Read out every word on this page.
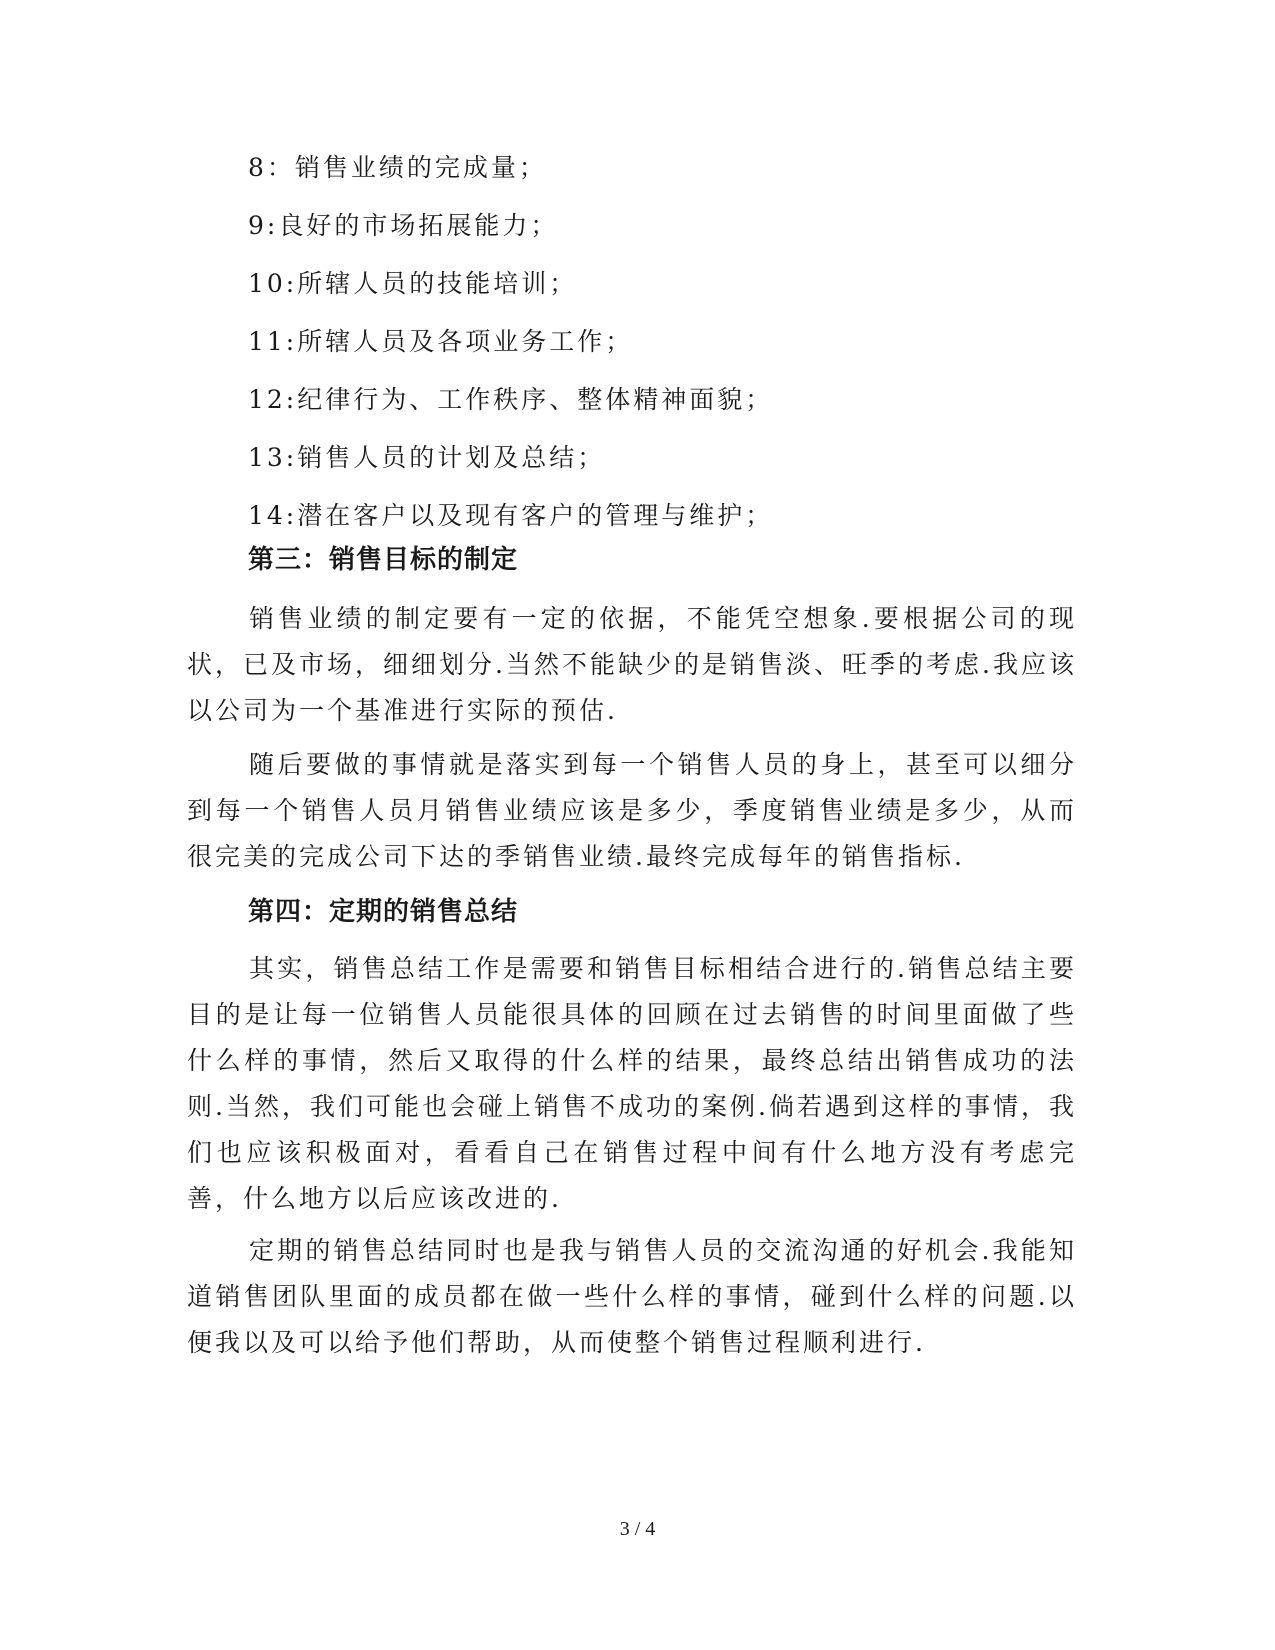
8：销售业绩的完成量；
9:良好的市场拓展能力；
10:所辖人员的技能培训；
11:所辖人员及各项业务工作；
12:纪律行为、工作秩序、整体精神面貌；
13:销售人员的计划及总结；
14:潜在客户以及现有客户的管理与维护；
第三：销售目标的制定

销售业绩的制定要有一定的依据，不能凭空想象.要根据公司的现状，已及市场，细细划分.当然不能缺少的是销售淡、旺季的考虑.我应该以公司为一个基准进行实际的预估.

随后要做的事情就是落实到每一个销售人员的身上，甚至可以细分到每一个销售人员月销售业绩应该是多少，季度销售业绩是多少，从而很完美的完成公司下达的季销售业绩.最终完成每年的销售指标.

第四：定期的销售总结

其实，销售总结工作是需要和销售目标相结合进行的.销售总结主要目的是让每一位销售人员能很具体的回顾在过去销售的时间里面做了些什么样的事情，然后又取得的什么样的结果，最终总结出销售成功的法则.当然，我们可能也会碰上销售不成功的案例.倘若遇到这样的事情，我们也应该积极面对，看看自己在销售过程中间有什么地方没有考虑完善，什么地方以后应该改进的.

定期的销售总结同时也是我与销售人员的交流沟通的好机会.我能知道销售团队里面的成员都在做一些什么样的事情，碰到什么样的问题.以便我以及可以给予他们帮助，从而使整个销售过程顺利进行.

3 / 4
